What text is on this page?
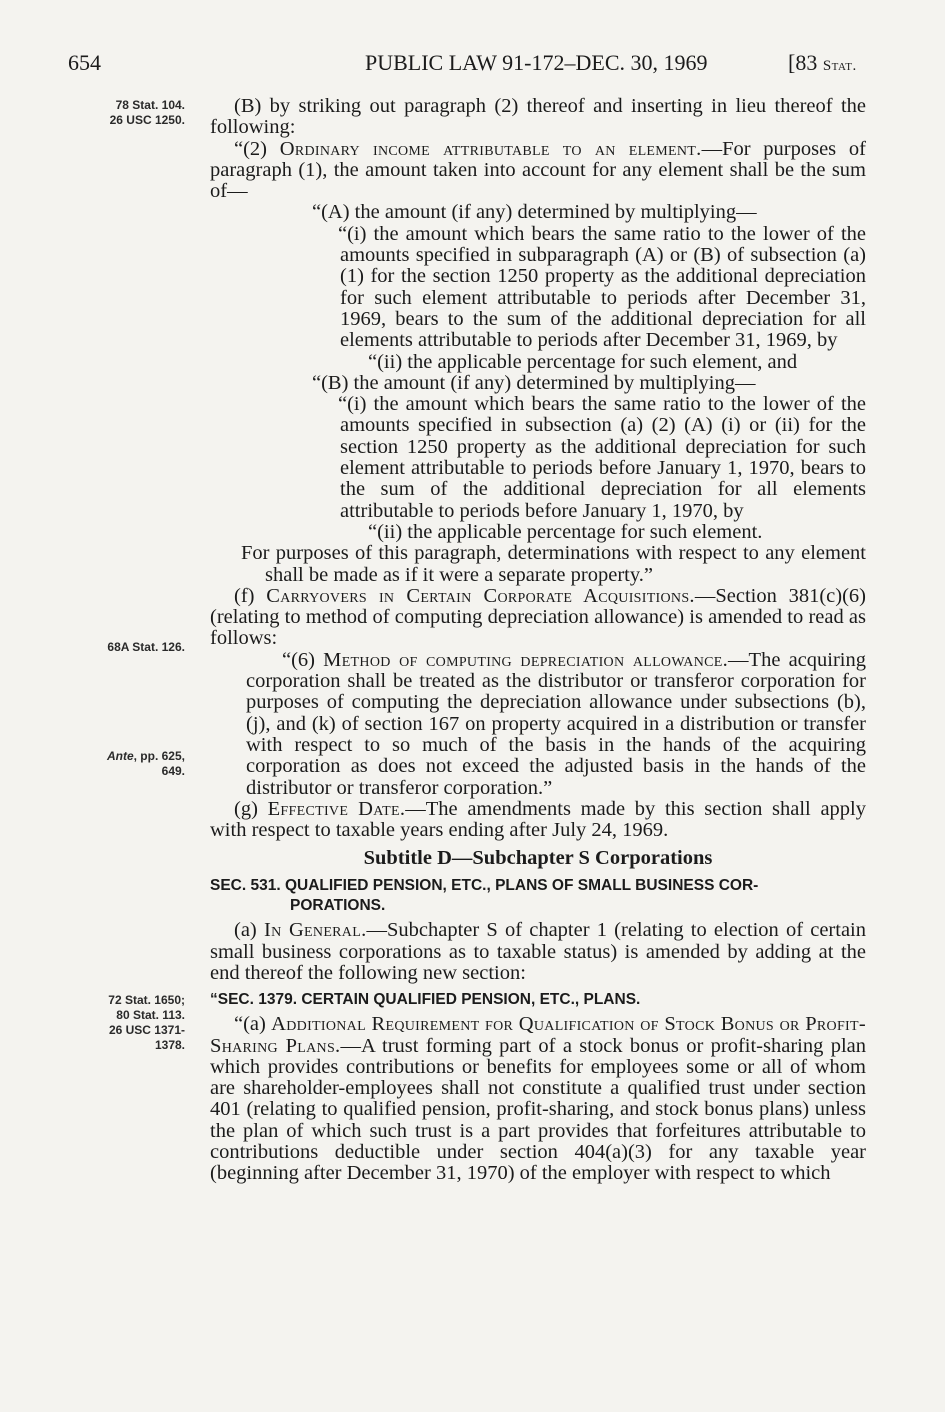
654	PUBLIC LAW 91-172–DEC. 30, 1969	[83 Stat.
78 Stat. 104.
26 USC 1250.
68A Stat. 126.
Ante, pp. 625,
649.
72 Stat. 1650;
80 Stat. 113.
26 USC 1371-
1378.

(B) by striking out paragraph (2) thereof and inserting in lieu thereof the following:

“(2) Ordinary income attributable to an element.—For purposes of paragraph (1), the amount taken into account for any element shall be the sum of—

“(A) the amount (if any) determined by multiplying—

“(i) the amount which bears the same ratio to the lower of the amounts specified in subparagraph (A) or (B) of subsection (a) (1) for the section 1250 property as the additional depreciation for such element attributable to periods after December 31, 1969, bears to the sum of the additional depreciation for all elements attributable to periods after December 31, 1969, by

“(ii) the applicable percentage for such element, and

“(B) the amount (if any) determined by multiplying—

“(i) the amount which bears the same ratio to the lower of the amounts specified in subsection (a) (2) (A) (i) or (ii) for the section 1250 property as the additional depreciation for such element attributable to periods before January 1, 1970, bears to the sum of the additional depreciation for all elements attributable to periods before January 1, 1970, by

“(ii) the applicable percentage for such element.

For purposes of this paragraph, determinations with respect to any element shall be made as if it were a separate property.”

(f) Carryovers in Certain Corporate Acquisitions.—Section 381(c)(6) (relating to method of computing depreciation allowance) is amended to read as follows:

“(6) Method of computing depreciation allowance.—The acquiring corporation shall be treated as the distributor or transferor corporation for purposes of computing the depreciation allowance under subsections (b), (j), and (k) of section 167 on property acquired in a distribution or transfer with respect to so much of the basis in the hands of the acquiring corporation as does not exceed the adjusted basis in the hands of the distributor or transferor corporation.”

(g) Effective Date.—The amendments made by this section shall apply with respect to taxable years ending after July 24, 1969.

Subtitle D—Subchapter S Corporations
SEC. 531. QUALIFIED PENSION, ETC., PLANS OF SMALL BUSINESS COR-
PORATIONS.

(a) In General.—Subchapter S of chapter 1 (relating to election of certain small business corporations as to taxable status) is amended by adding at the end thereof the following new section:

“SEC. 1379. CERTAIN QUALIFIED PENSION, ETC., PLANS.

“(a) Additional Requirement for Qualification of Stock Bonus or Profit-Sharing Plans.—A trust forming part of a stock bonus or profit-sharing plan which provides contributions or benefits for employees some or all of whom are shareholder-employees shall not constitute a qualified trust under section 401 (relating to qualified pension, profit-sharing, and stock bonus plans) unless the plan of which such trust is a part provides that forfeitures attributable to contributions deductible under section 404(a)(3) for any taxable year (beginning after December 31, 1970) of the employer with respect to which
